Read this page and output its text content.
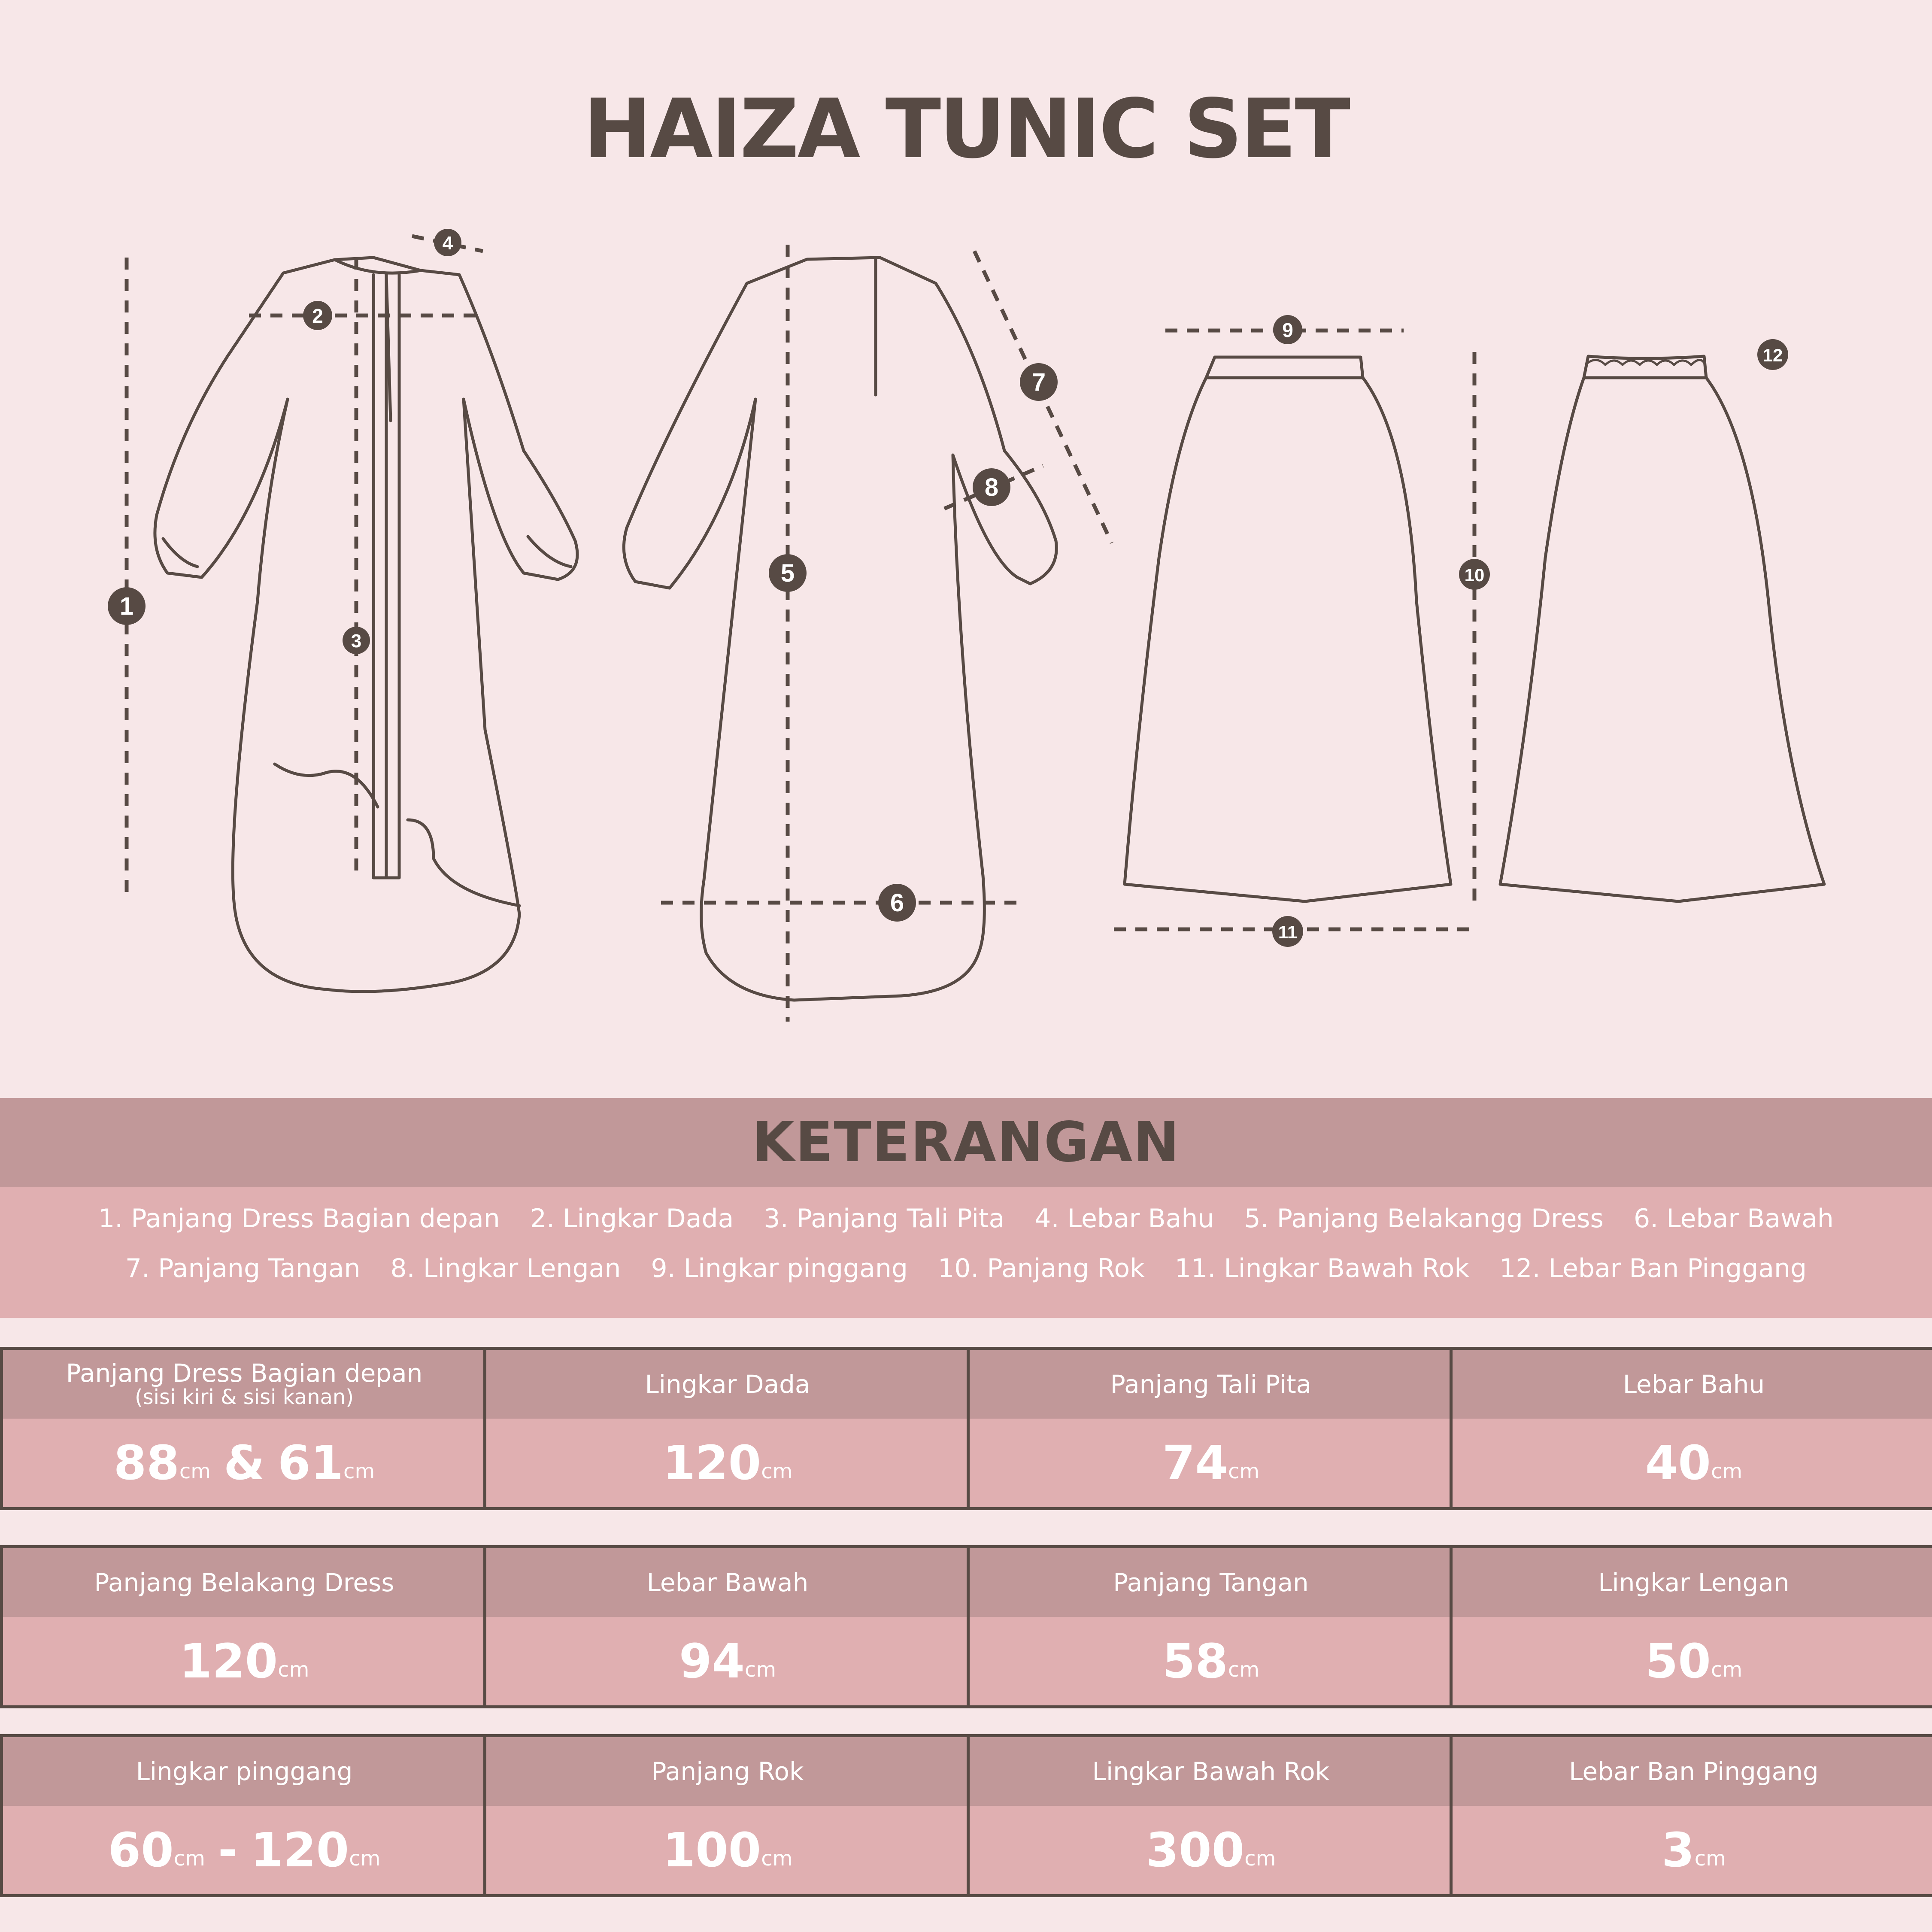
HAIZA TUNIC SET
1
2
3
4
5
6
7
8
9
10
11
12
KETERANGAN
1. Panjang Dress Bagian depan 2. Lingkar Dada 3. Panjang Tali Pita 4. Lebar Bahu 5. Panjang Belakangg Dress 6. Lebar Bawah
7. Panjang Tangan 8. Lingkar Lengan 9. Lingkar pinggang 10. Panjang Rok 11. Lingkar Bawah Rok 12. Lebar Ban Pinggang
Panjang Dress Bagian depan
(sisi kiri & sisi kanan)
88 cm & 61 cm
Lingkar Dada
120 cm
Panjang Tali Pita
74 cm
Lebar Bahu
40 cm
Panjang Belakang Dress
120 cm
Lebar Bawah
94 cm
Panjang Tangan
58 cm
Lingkar Lengan
50 cm
Lingkar pinggang
60 cm - 120 cm
Panjang Rok
100 cm
Lingkar Bawah Rok
300 cm
Lebar Ban Pinggang
3 cm
